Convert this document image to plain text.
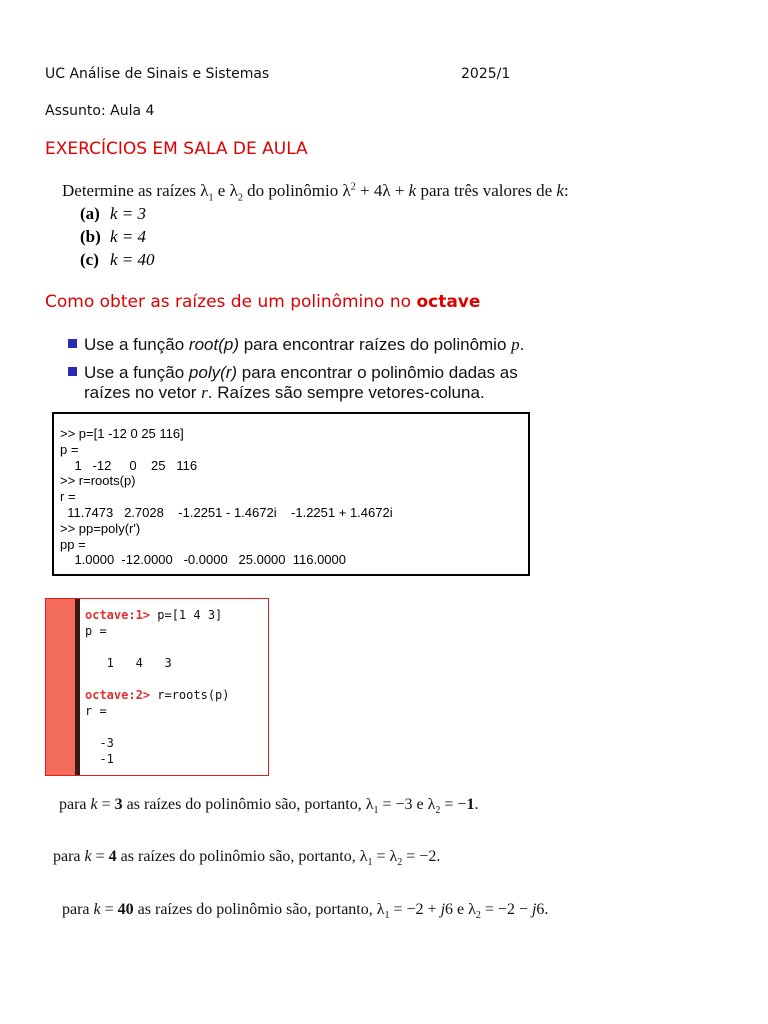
UC Análise de Sinais e Sistemas	2025/1
Assunto: Aula 4
EXERCÍCIOS EM SALA DE AULA
Determine as raízes $\lambda_1$ e $\lambda_2$ do polinômio $\lambda^2 + 4\lambda + k$ para três valores de k:
(a) k = 3
(b) k = 4
(c) k = 40
Como obter as raízes de um polinômino no octave
Use a função root(p) para encontrar raízes do polinômio p.
Use a função poly(r) para encontrar o polinômio dadas as
raízes no vetor r. Raízes são sempre vetores-coluna.
>> p=[1 -12 0 25 116]
p =
1   -12     0    25   116
>> r=roots(p)
r =
11.7473   2.7028    -1.2251 - 1.4672i    -1.2251 + 1.4672i
>> pp=poly(r')
pp =
1.0000  -12.0000   -0.0000   25.0000  116.0000
octave:1> p=[1 4 3]
p =

1   4   3

octave:2> r=roots(p)
r =

-3
-1
para k = 3 as raízes do polinômio são, portanto, $\lambda_1 = -3$ e $\lambda_2 = -1$.
para k = 4 as raízes do polinômio são, portanto, $\lambda_1 = \lambda_2 = -2$.
para k = 40 as raízes do polinômio são, portanto, $\lambda_1 = -2 + j6$ e $\lambda_2 = -2 - j6$.
